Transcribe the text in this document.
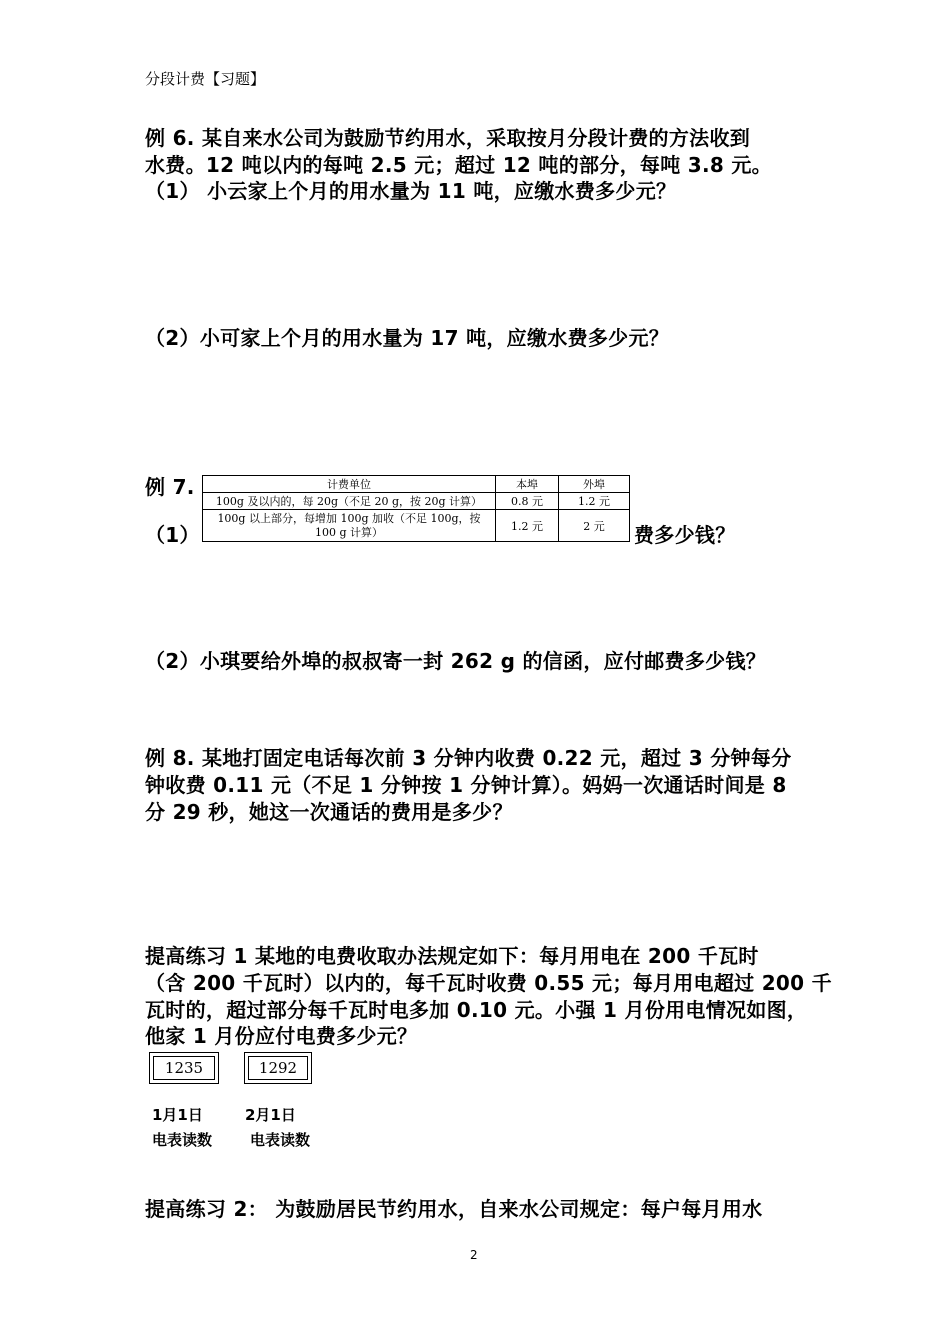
分段计费【习题】
例 6. 某自来水公司为鼓励节约用水，采取按月分段计费的方法收到
水费。12 吨以内的每吨 2.5 元；超过 12 吨的部分，每吨 3.8 元。
（1） 小云家上个月的用水量为 11 吨，应缴水费多少元？
（2）小可家上个月的用水量为 17 吨，应缴水费多少元？
例 7.
（1）	费多少钱？
计费单位	本埠	外埠
100g 及以内的，每 20g（不足 20 g，按 20g 计算）	0.8 元	1.2 元
100g 以上部分，每增加 100g 加收（不足 100g，按 100 g 计算）	1.2 元	2 元
（2）小琪要给外埠的叔叔寄一封 262 g 的信函，应付邮费多少钱？
例 8. 某地打固定电话每次前 3 分钟内收费 0.22 元，超过 3 分钟每分
钟收费 0.11 元（不足 1 分钟按 1 分钟计算）。妈妈一次通话时间是 8
分 29 秒，她这一次通话的费用是多少？
提高练习 1 某地的电费收取办法规定如下：每月用电在 200 千瓦时
（含 200 千瓦时）以内的，每千瓦时收费 0.55 元；每月用电超过 200 千
瓦时的，超过部分每千瓦时电多加 0.10 元。小强 1 月份用电情况如图，
他家 1 月份应付电费多少元？
1235	1292
1月1日	2月1日
电表读数	电表读数
提高练习 2： 为鼓励居民节约用水，自来水公司规定：每户每月用水
2
